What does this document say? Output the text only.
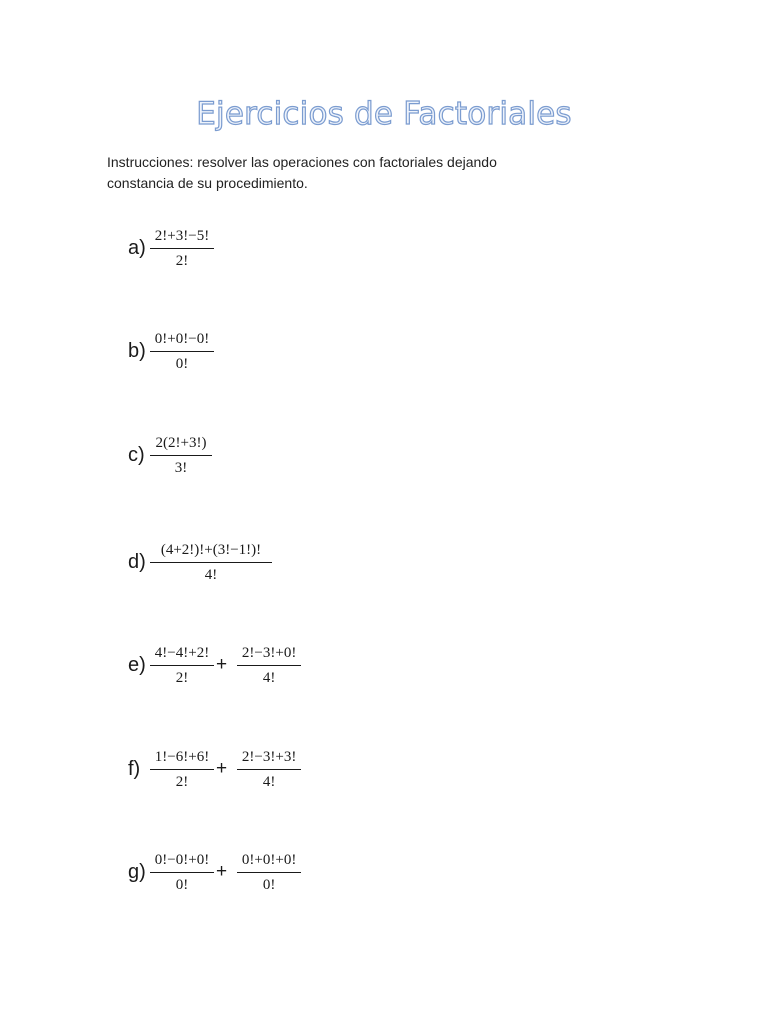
Ejercicios de Factoriales
Instrucciones: resolver las operaciones con factoriales dejando constancia de su procedimiento.
$a) \frac{2!+3!-5!}{2!}$
$b) \frac{0!+0!-0!}{0!}$
$c) \frac{2(2!+3!)}{3!}$
$d) \frac{(4+2!)!+(3!-1!)!}{4!}$
$e) \frac{4!-4!+2!}{2!} + \frac{2!-3!+0!}{4!}$
$f) \frac{1!-6!+6!}{2!} + \frac{2!-3!+3!}{4!}$
$g) \frac{0!-0!+0!}{0!} + \frac{0!+0!+0!}{0!}$
